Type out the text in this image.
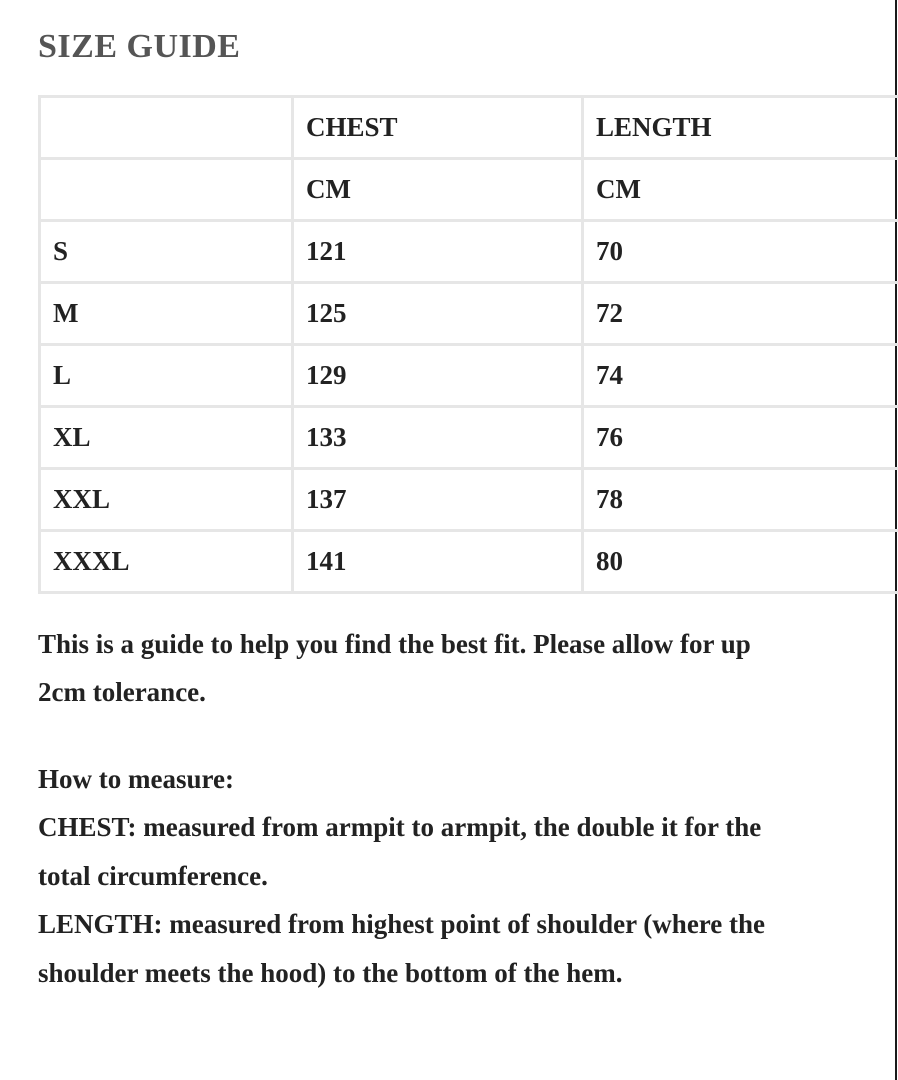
SIZE GUIDE
	CHEST	LENGTH
	CM	CM
S	121	70
M	125	72
L	129	74
XL	133	76
XXL	137	78
XXXL	141	80
This is a guide to help you find the best fit. Please allow for up
2cm tolerance.
How to measure:
CHEST: measured from armpit to armpit, the double it for the
total circumference.
LENGTH: measured from highest point of shoulder (where the
shoulder meets the hood) to the bottom of the hem.
